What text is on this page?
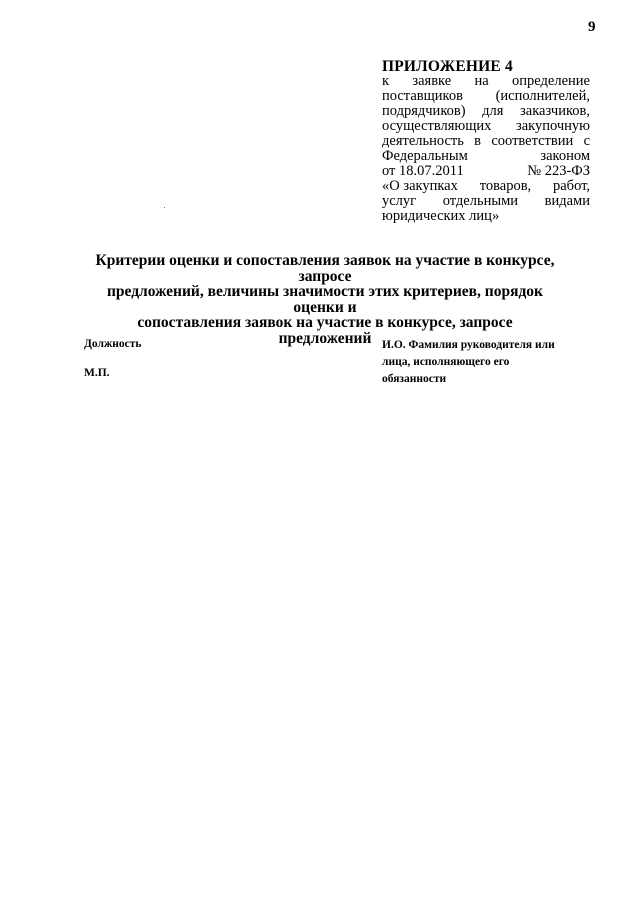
9
ПРИЛОЖЕНИЕ 4
к заявке на определение
поставщиков (исполнителей,
подрядчиков) для заказчиков,
осуществляющих закупочную
деятельность в соответствии с
Федеральным	законом
от 18.07.2011	№ 223-ФЗ
«О закупках товаров, работ,
услуг отдельными видами
юридических лиц»
Критерии оценки и сопоставления заявок на участие в конкурсе, запросе
предложений, величины значимости этих критериев, порядок оценки и
сопоставления заявок на участие в конкурсе, запросе предложений
Должность
М.П.
И.О. Фамилия руководителя или
лица, исполняющего его
обязанности
